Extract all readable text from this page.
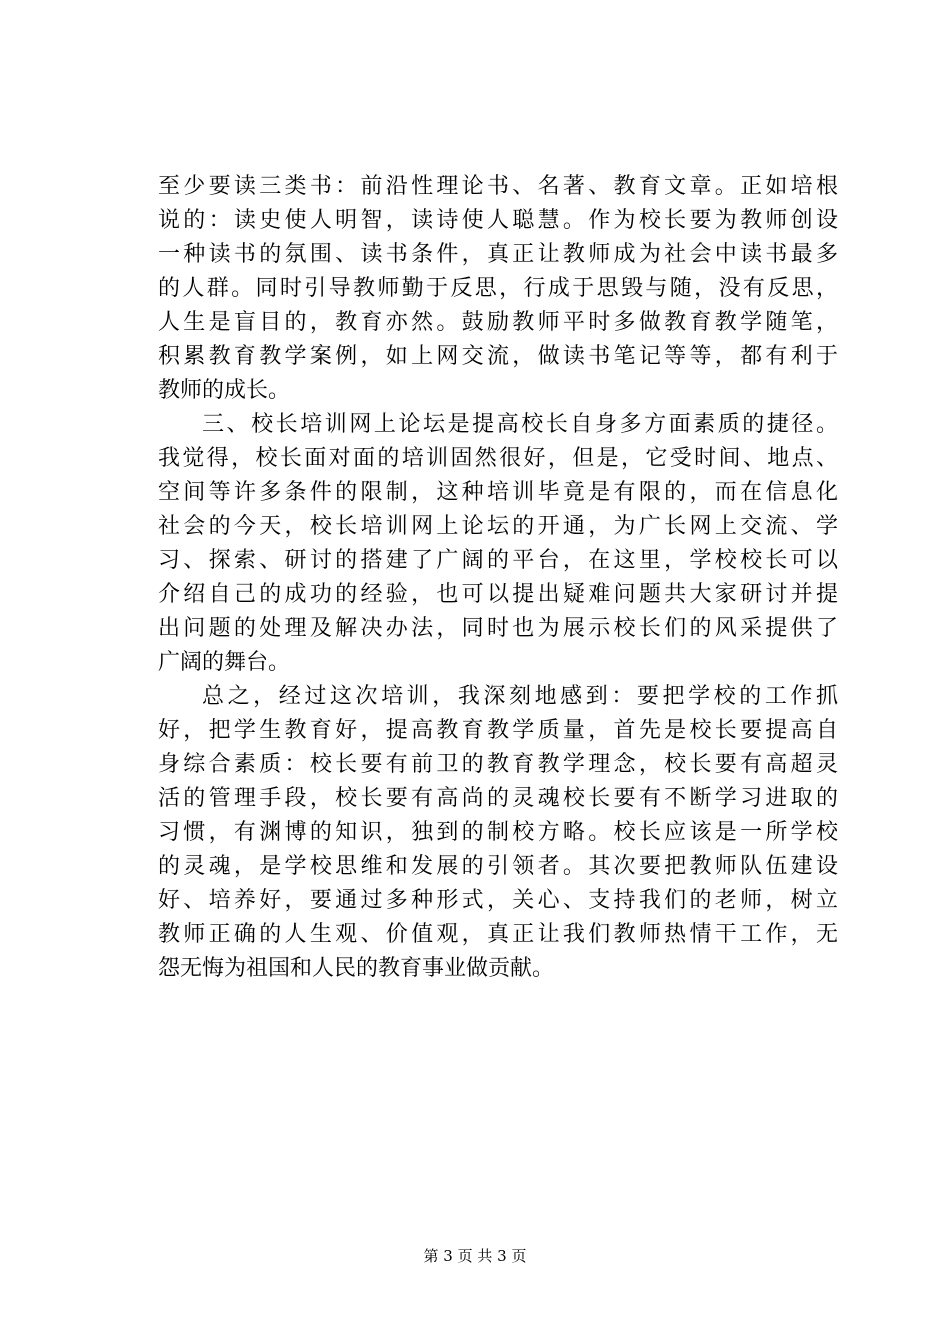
至少要读三类书：前沿性理论书、名著、教育文章。正如培根
说的：读史使人明智，读诗使人聪慧。作为校长要为教师创设
一种读书的氛围、读书条件，真正让教师成为社会中读书最多
的人群。同时引导教师勤于反思，行成于思毁与随，没有反思，
人生是盲目的，教育亦然。鼓励教师平时多做教育教学随笔，
积累教育教学案例，如上网交流，做读书笔记等等，都有利于
教师的成长。
三、校长培训网上论坛是提高校长自身多方面素质的捷径。
我觉得，校长面对面的培训固然很好，但是，它受时间、地点、
空间等许多条件的限制，这种培训毕竟是有限的，而在信息化
社会的今天，校长培训网上论坛的开通，为广长网上交流、学
习、探索、研讨的搭建了广阔的平台，在这里，学校校长可以
介绍自己的成功的经验，也可以提出疑难问题共大家研讨并提
出问题的处理及解决办法，同时也为展示校长们的风采提供了
广阔的舞台。
总之，经过这次培训，我深刻地感到：要把学校的工作抓
好，把学生教育好，提高教育教学质量，首先是校长要提高自
身综合素质：校长要有前卫的教育教学理念，校长要有高超灵
活的管理手段，校长要有高尚的灵魂校长要有不断学习进取的
习惯，有渊博的知识，独到的制校方略。校长应该是一所学校
的灵魂，是学校思维和发展的引领者。其次要把教师队伍建设
好、培养好，要通过多种形式，关心、支持我们的老师，树立
教师正确的人生观、价值观，真正让我们教师热情干工作，无
怨无悔为祖国和人民的教育事业做贡献。
第 3 页 共 3 页
